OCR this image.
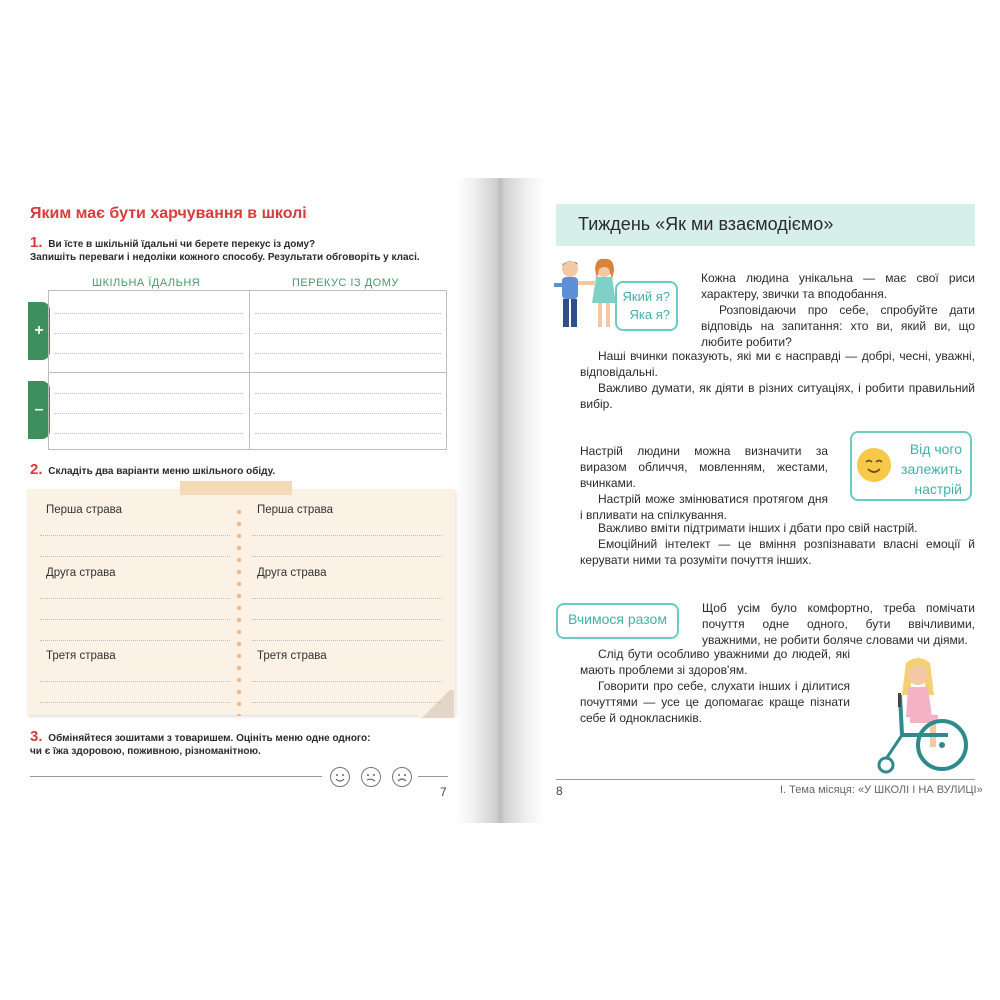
Яким має бути харчування в школі
1. Ви їсте в шкільній їдальні чи берете перекус із дому?
Запишіть переваги і недоліки кожного способу. Результати обговоріть у класі.
ШКІЛЬНА ЇДАЛЬНЯ	ПЕРЕКУС ІЗ ДОМУ
+
–
2. Складіть два варіанти меню шкільного обіду.
Перша страва
Друга страва
Третя страва
Перша страва
Друга страва
Третя страва
3. Обміняйтеся зошитами з товаришем. Оцініть меню одне одного:
чи є їжа здоровою, поживною, різноманітною.
7
Тиждень «Як ми взаємодіємо»
Який я?
Яка я?
Кожна людина унікальна — має свої риси характеру, звички та вподобання.
Розповідаючи про себе, спробуйте дати відповідь на запитання: хто ви, який ви, що любите робити?
Наші вчинки показують, які ми є насправді — добрі, чесні, уважні, відповідальні.
Важливо думати, як діяти в різних ситуаціях, і робити правильний вибір.
Від чого
залежить
настрій
Настрій людини можна визначити за виразом обличчя, мовленням, жестами, вчинками.
Настрій може змінюватися протягом дня і впливати на спілкування.
Важливо вміти підтримати інших і дбати про свій настрій.
Емоційний інтелект — це вміння розпізнавати власні емоції й керувати ними та розуміти почуття інших.
Вчимося разом
Щоб усім було комфортно, треба помічати почуття одне одного, бути ввічливими, уважними, не робити боляче словами чи діями.
Слід бути особливо уважними до людей, які мають проблеми зі здоров'ям.
Говорити про себе, слухати інших і ділитися почуттями — усе це допомагає краще пізнати себе й однокласників.
8	І. Тема місяця: «У ШКОЛІ І НА ВУЛИЦІ»
